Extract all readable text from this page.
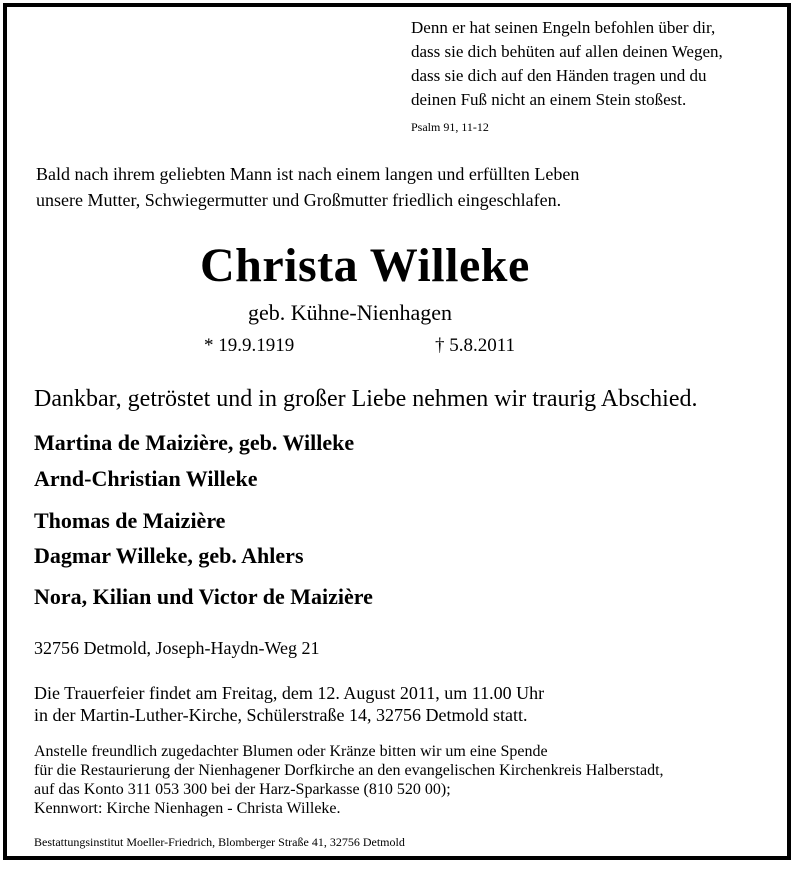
Denn er hat seinen Engeln befohlen über dir,
dass sie dich behüten auf allen deinen Wegen,
dass sie dich auf den Händen tragen und du
deinen Fuß nicht an einem Stein stoßest.
Psalm 91, 11-12
Bald nach ihrem geliebten Mann ist nach einem langen und erfüllten Leben
unsere Mutter, Schwiegermutter und Großmutter friedlich eingeschlafen.
Christa Willeke
geb. Kühne-Nienhagen
* 19.9.1919	† 5.8.2011
Dankbar, getröstet und in großer Liebe nehmen wir traurig Abschied.
Martina de Maizière, geb. Willeke
Arnd-Christian Willeke
Thomas de Maizière
Dagmar Willeke, geb. Ahlers
Nora, Kilian und Victor de Maizière
32756 Detmold, Joseph-Haydn-Weg 21
Die Trauerfeier findet am Freitag, dem 12. August 2011, um 11.00 Uhr
in der Martin-Luther-Kirche, Schülerstraße 14, 32756 Detmold statt.
Anstelle freundlich zugedachter Blumen oder Kränze bitten wir um eine Spende
für die Restaurierung der Nienhagener Dorfkirche an den evangelischen Kirchenkreis Halberstadt,
auf das Konto 311 053 300 bei der Harz-Sparkasse (810 520 00);
Kennwort: Kirche Nienhagen - Christa Willeke.
Bestattungsinstitut Moeller-Friedrich, Blomberger Straße 41, 32756 Detmold
